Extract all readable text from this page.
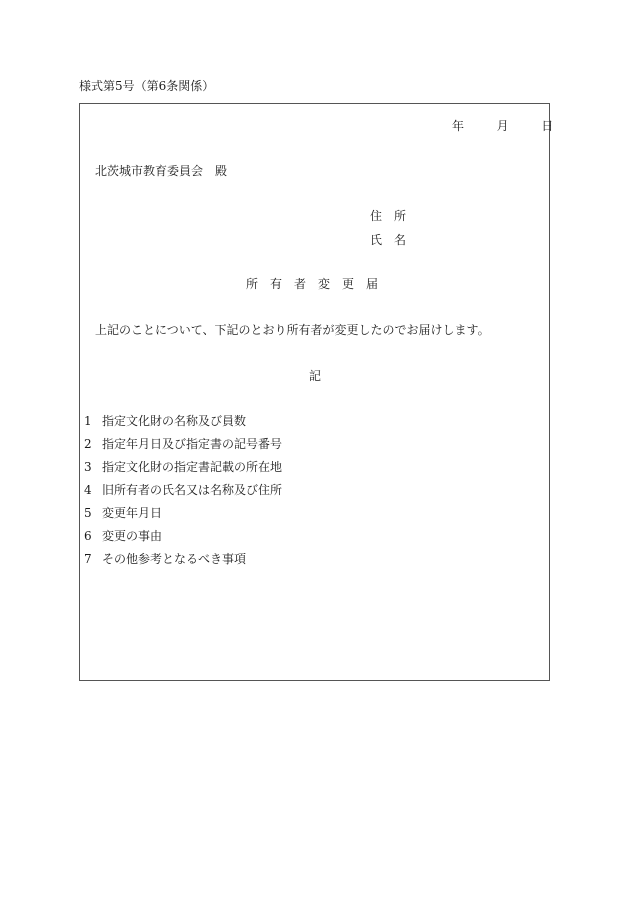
様式第5号（第6条関係）
年	月	日
北茨城市教育委員会　殿
住　所
氏　名
所　有　者　変　更　届
上記のことについて、下記のとおり所有者が変更したのでお届けします。
記
1 指定文化財の名称及び員数
2 指定年月日及び指定書の記号番号
3 指定文化財の指定書記載の所在地
4 旧所有者の氏名又は名称及び住所
5 変更年月日
6 変更の事由
7 その他参考となるべき事項
